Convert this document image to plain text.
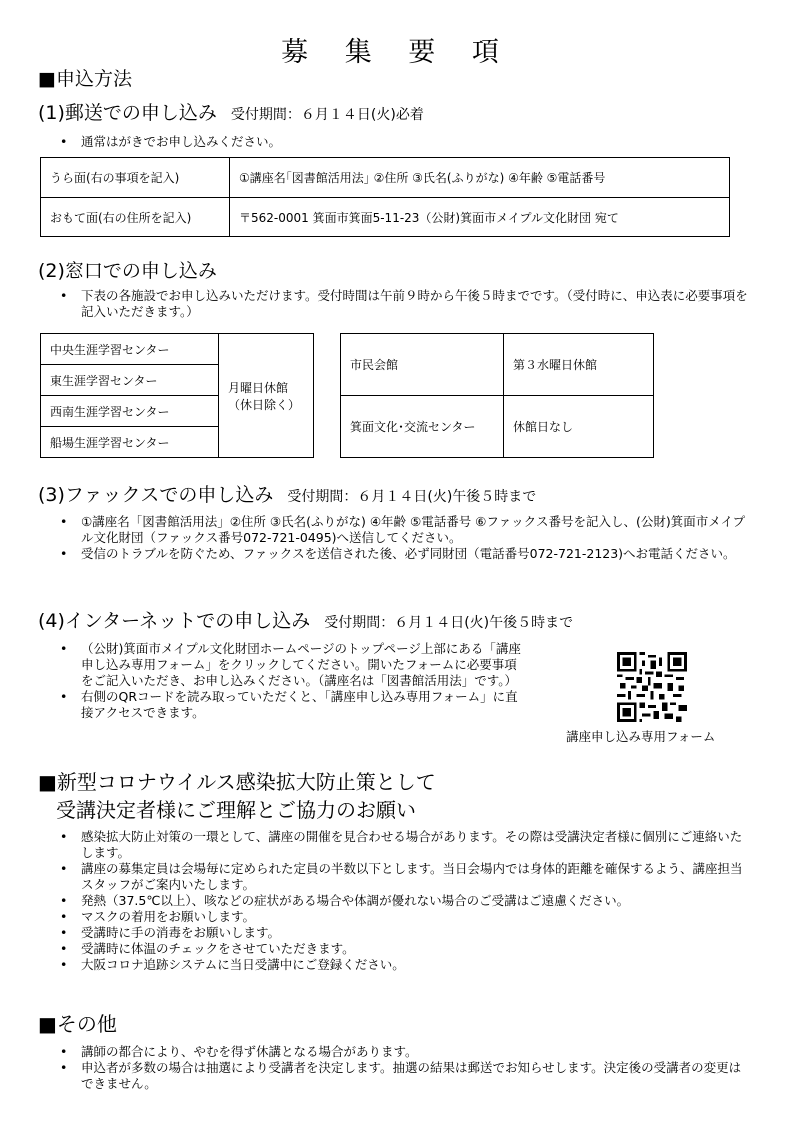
募 集 要 項
■申込方法
(1)郵送での申し込み 受付期間：６月１４日(火)必着
• 通常はがきでお申し込みください。
うら面(右の事項を記入)	①講座名｢図書館活用法｣ ②住所 ③氏名(ふりがな) ④年齢 ⑤電話番号
おもて面(右の住所を記入)	〒562-0001 箕面市箕面5-11-23（公財)箕面市メイプル文化財団 宛て
(2)窓口での申し込み
• 下表の各施設でお申し込みいただけます。受付時間は午前９時から午後５時までです。（受付時に、申込表に必要事項を記入いただきます。）
中央生涯学習センター	月曜日休館（休日除く）
東生涯学習センター
西南生涯学習センター
船場生涯学習センター
市民会館	第３水曜日休館
箕面文化･交流センター	休館日なし
(3)ファックスでの申し込み 受付期間：６月１４日(火)午後５時まで
• ①講座名「図書館活用法」②住所 ③氏名(ふりがな) ④年齢 ⑤電話番号 ⑥ファックス番号を記入し、(公財)箕面市メイプル文化財団（ファックス番号072-721-0495)へ送信してください。
• 受信のトラブルを防ぐため、ファックスを送信された後、必ず同財団（電話番号072-721-2123)へお電話ください。
(4)インターネットでの申し込み 受付期間：６月１４日(火)午後５時まで
• （公財)箕面市メイプル文化財団ホームページのトップページ上部にある「講座申し込み専用フォーム」をクリックしてください。開いたフォームに必要事項をご記入いただき、お申し込みください。（講座名は「図書館活用法」です。）
• 右側のQRコードを読み取っていただくと、「講座申し込み専用フォーム」に直接アクセスできます。
講座申し込み専用フォーム
■新型コロナウイルス感染拡大防止策として
受講決定者様にご理解とご協力のお願い
• 感染拡大防止対策の一環として、講座の開催を見合わせる場合があります。その際は受講決定者様に個別にご連絡いたします。
• 講座の募集定員は会場毎に定められた定員の半数以下とします。当日会場内では身体的距離を確保するよう、講座担当スタッフがご案内いたします。
• 発熱（37.5℃以上）、咳などの症状がある場合や体調が優れない場合のご受講はご遠慮ください。
• マスクの着用をお願いします。
• 受講時に手の消毒をお願いします。
• 受講時に体温のチェックをさせていただきます。
• 大阪コロナ追跡システムに当日受講中にご登録ください。
■その他
• 講師の都合により、やむを得ず休講となる場合があります。
• 申込者が多数の場合は抽選により受講者を決定します。抽選の結果は郵送でお知らせします。決定後の受講者の変更はできません。
